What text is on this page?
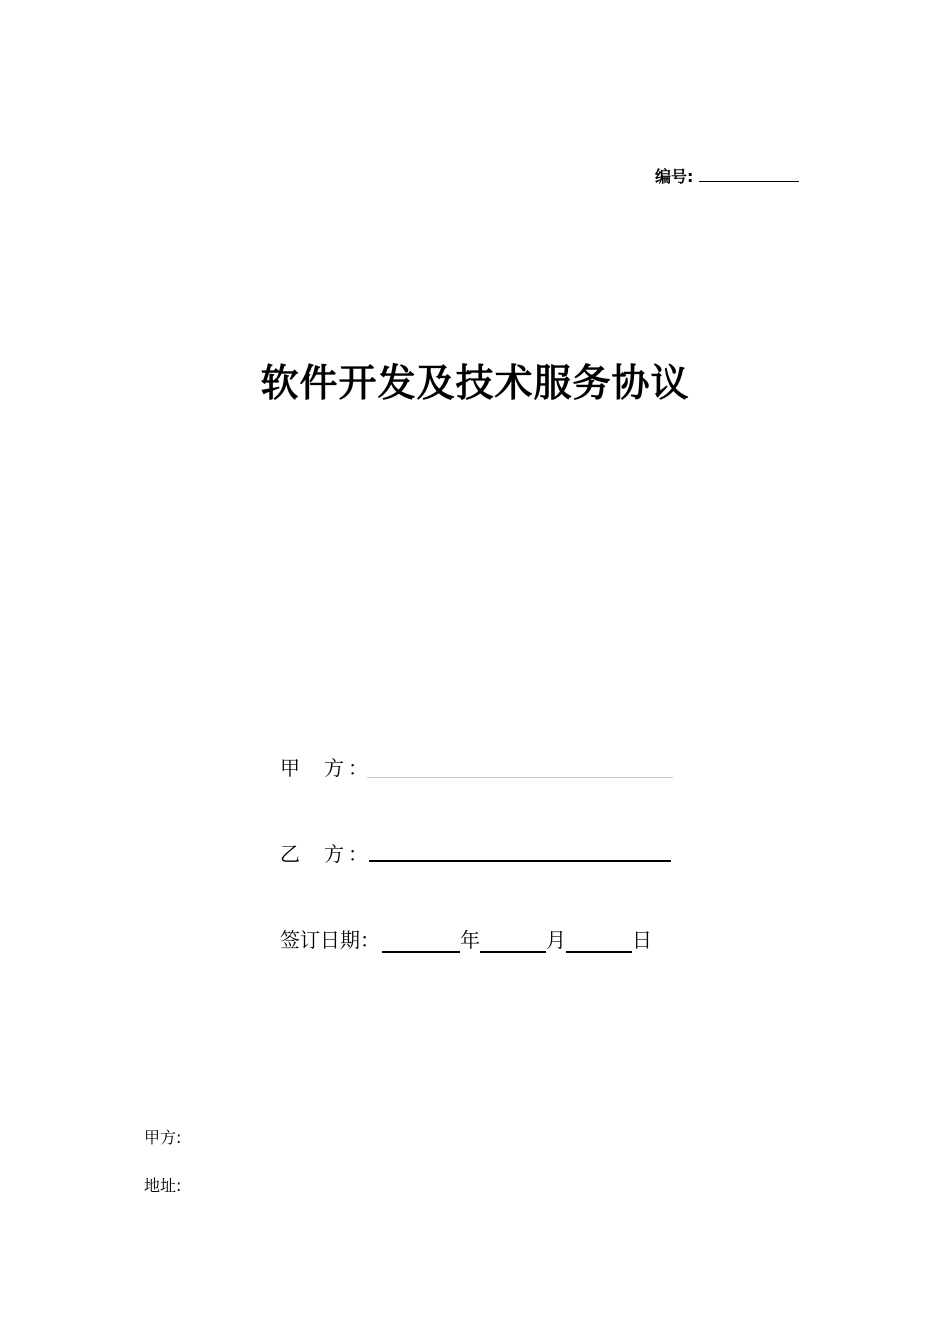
编号:
软件开发及技术服务协议
甲 方 ：
乙 方 ：
签订日期：	年	月	日
甲方:
地址:
